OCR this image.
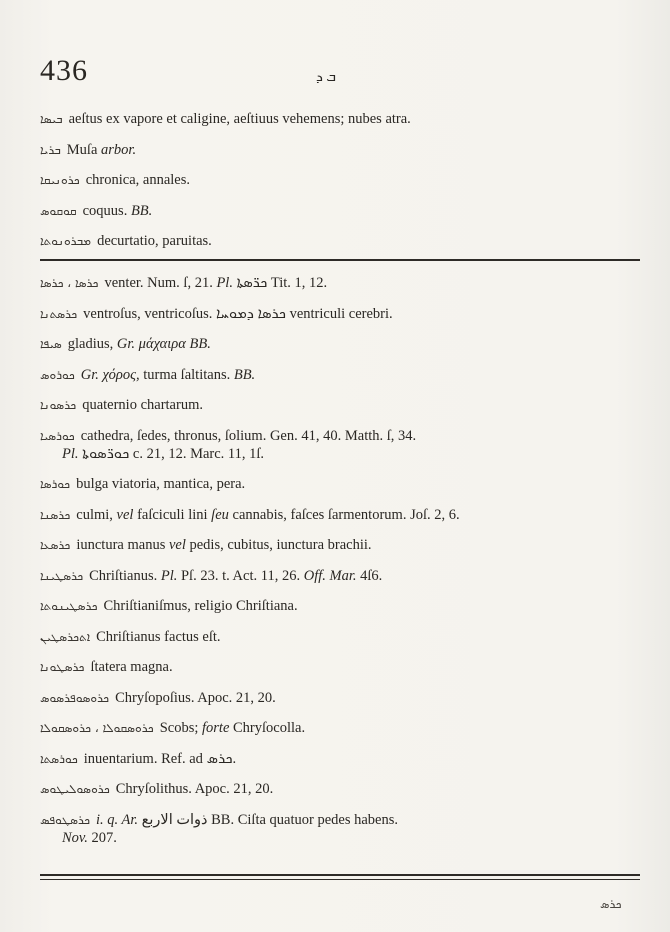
436	ܒ ܕ
ܒܝܣܐ aeſtus ex vapore et caligine, aeſtiuus vehemens; nubes atra.
ܒܪܝܐ Muſa arbor.
ܟܪܘܢܝܩܐ chronica, annales.
ܩܘܩܘܣ coquus. BB.
ܡܒܪܘܢܘܬܐ decurtatio, paruitas.
ܟܪܣܐ ، ܟܪܣܐ venter. Num. ſ, 21. Pl. ܟܪ̈ܣܬܐ Tit. 1, 12.
ܟܪܣܬܢܐ ventroſus, ventricoſus. ܟܪܣܐ ܕܡܘܚܐ ventriculi cerebri.
ܣܝܦܐ gladius, Gr. μάχαιρα BB.
ܟܘܪܘܣ Gr. χόρος, turma ſaltitans. BB.
ܟܪܣܘܢܐ quaternio chartarum.
ܟܘܪܣܝܐ cathedra, ſedes, thronus, ſolium. Gen. 41, 40. Matth. ſ, 34.
Pl. ܟܘܪ̈ܣܘܬܐ c. 21, 12. Marc. 11, 1ſ.
ܟܘܪܣܐ bulga viatoria, mantica, pera.
ܟܪܣܢܐ culmi, vel faſciculi lini ſeu cannabis, faſces ſarmentorum. Joſ. 2, 6.
ܟܪܣܥܐ iunctura manus vel pedis, cubitus, iunctura brachii.
ܟܪܣܛܝܢܐ Chriſtianus. Pl. Pſ. 23. t. Act. 11, 26. Off. Mar. 4ſ6.
ܟܪܣܛܝܢܘܬܐ Chriſtianiſmus, religio Chriſtiana.
ܐܬܟܪܣܛܝܢ Chriſtianus factus eſt.
ܟܪܣܛܘܢܐ ſtatera magna.
ܟܪܘܣܘܦܪܣܘܣ Chryſopoſius. Apoc. 21, 20.
ܟܪܘܣܩܘܠܐ ، ܟܪܘܣܩܘܠܐ Scobs; forte Chryſocolla.
ܟܘܪܣܬܐ inuentarium. Ref. ad ܟܪܣ.
ܟܪܘܣܘܠܝܛܘܣ Chryſolithus. Apoc. 21, 20.
ܟܪܣܛܘܦܣ i. q. Ar. ذوات الاربع BB. Ciſta quatuor pedes habens.
Nov. 207.
ܟܪܣ
